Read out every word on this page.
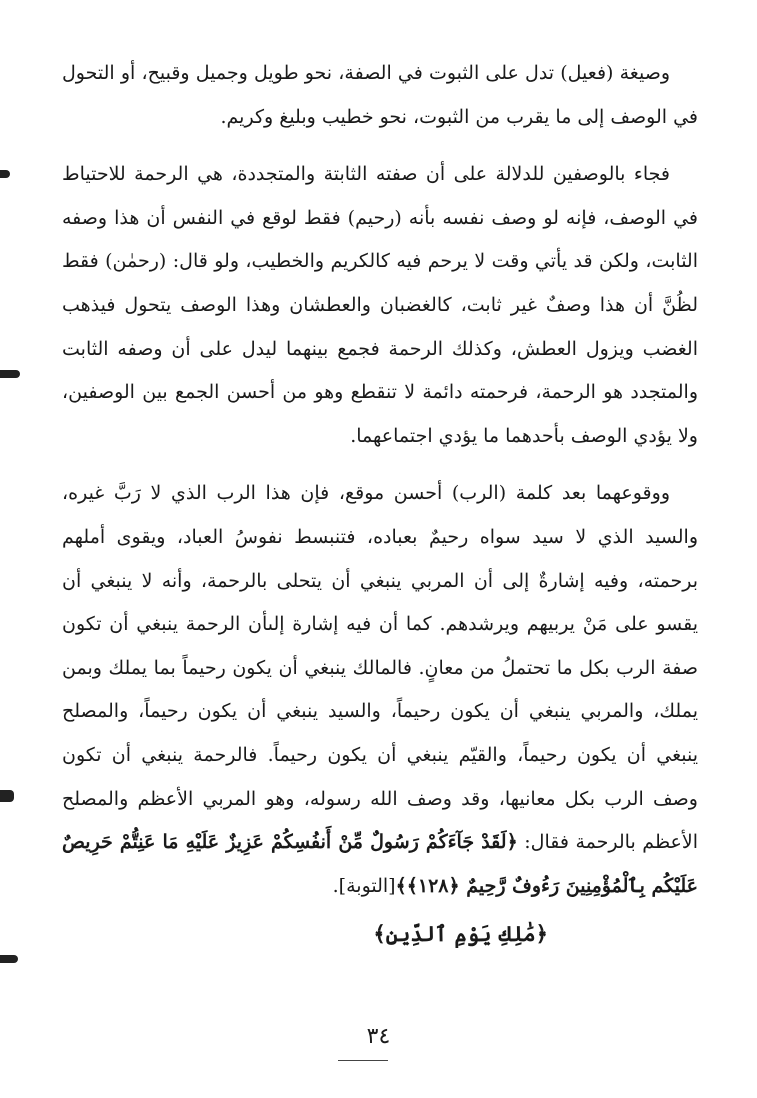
وصيغة (فعيل) تدل على الثبوت في الصفة، نحو طويل وجميل وقبيح، أو التحول في الوصف إلى ما يقرب من الثبوت، نحو خطيب وبليغ وكريم.

فجاء بالوصفين للدلالة على أن صفته الثابتة والمتجددة، هي الرحمة للاحتياط في الوصف، فإنه لو وصف نفسه بأنه (رحيم) فقط لوقع في النفس أن هذا وصفه الثابت، ولكن قد يأتي وقت لا يرحم فيه كالكريم والخطيب، ولو قال: (رحمٰن) فقط لظُنَّ أن هذا وصفٌ غير ثابت، كالغضبان والعطشان وهذا الوصف يتحول فيذهب الغضب ويزول العطش، وكذلك الرحمة فجمع بينهما ليدل على أن وصفه الثابت والمتجدد هو الرحمة، فرحمته دائمة لا تنقطع وهو من أحسن الجمع بين الوصفين، ولا يؤدي الوصف بأحدهما ما يؤدي اجتماعهما.

ووقوعهما بعد كلمة (الرب) أحسن موقع، فإن هذا الرب الذي لا رَبَّ غيره، والسيد الذي لا سيد سواه رحيمٌ بعباده، فتنبسط نفوسُ العباد، ويقوى أملهم برحمته، وفيه إشارةٌ إلى أن المربي ينبغي أن يتحلى بالرحمة، وأنه لا ينبغي أن يقسو على مَنْ يربيهم ويرشدهم. كما أن فيه إشارة إلىأن الرحمة ينبغي أن تكون صفة الرب بكل ما تحتملُ من معانٍ. فالمالك ينبغي أن يكون رحيماً بما يملك وبمن يملك، والمربي ينبغي أن يكون رحيماً، والسيد ينبغي أن يكون رحيماً، والمصلح ينبغي أن يكون رحيماً، والقيّم ينبغي أن يكون رحيماً. فالرحمة ينبغي أن تكون وصف الرب بكل معانيها، وقد وصف الله رسوله، وهو المربي الأعظم والمصلح الأعظم بالرحمة فقال: ﴿لَقَدْ جَآءَكُمْ رَسُولٌ مِّنْ أَنفُسِكُمْ عَزِيزٌ عَلَيْهِ مَا عَنِتُّمْ حَرِيصٌ عَلَيْكُم بِٱلْمُؤْمِنِينَ رَءُوفٌ رَّحِيمٌ ﴿١٢٨﴾﴾[التوبة].

﴿مَٰلِكِ يَوْمِ ٱلدِّينِ﴾
٣٤
